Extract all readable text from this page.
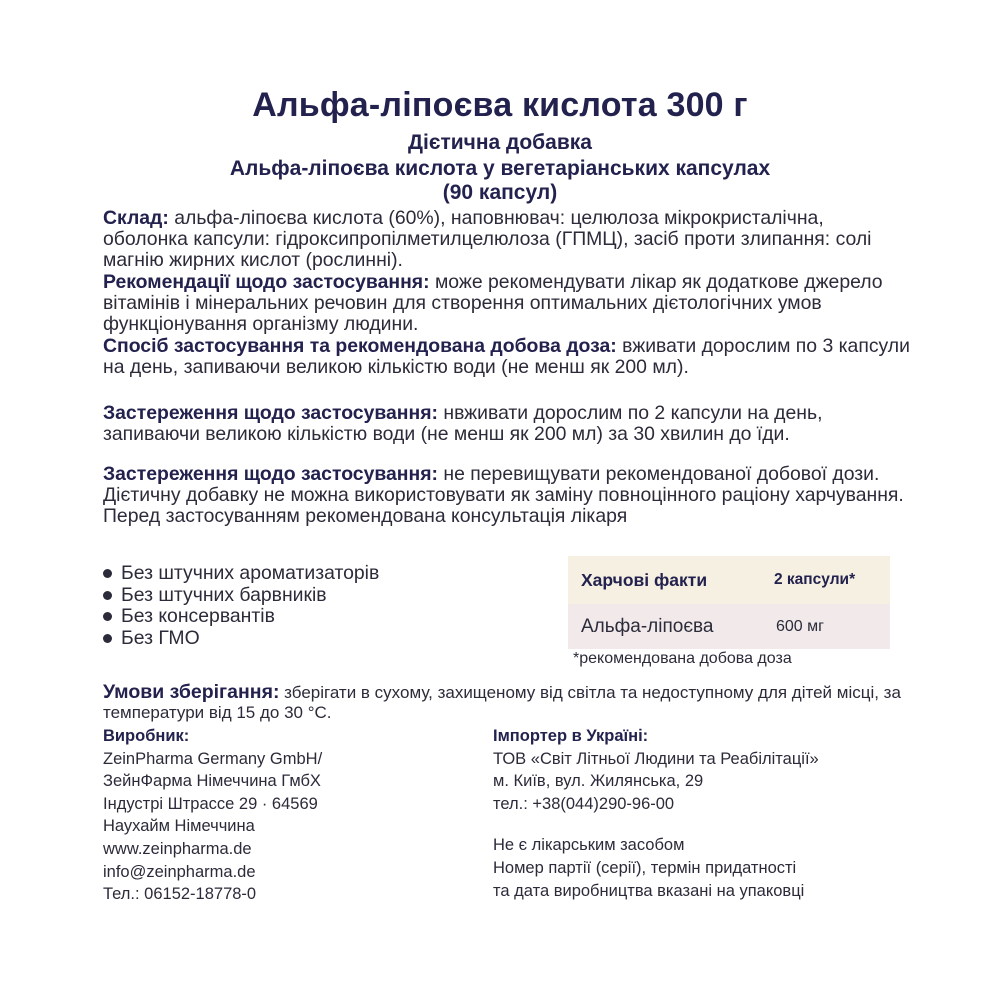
Альфа-ліпоєва кислота 300 г
Дієтична добавка
Альфа-ліпоєва кислота у вегетаріанських капсулах
(90 капсул)
Склад: альфа-ліпоєва кислота (60%), наповнювач: целюлоза мікрокристалічна, оболонка капсули: гідроксипропілметилцелюлоза (ГПМЦ), засіб проти злипання: солі магнію жирних кислот (рослинні).
Рекомендації щодо застосування: може рекомендувати лікар як додаткове джерело вітамінів і мінеральних речовин для створення оптимальних дієтологічних умов функціонування організму людини.
Спосіб застосування та рекомендована добова доза: вживати дорослим по 3 капсули на день, запиваючи великою кількістю води (не менш як 200 мл).
Застереження щодо застосування: нвживати дорослим по 2 капсули на день, запиваючи великою кількістю води (не менш як 200 мл) за 30 хвилин до їди.
Застереження щодо застосування: не перевищувати рекомендованої добової дози. Дієтичну добавку не можна використовувати як заміну повноцінного раціону харчування. Перед застосуванням рекомендована консультація лікаря
Без штучних ароматизаторів
Без штучних барвників
Без консервантів
Без ГМО
Харчові факти	2 капсули*
Альфа-ліпоєва	600 мг
*рекомендована добова доза
Умови зберігання: зберігати в сухому, захищеному від світла та недоступному для дітей місці, за температури від 15 до 30 °C.
Виробник:
ZeinPharma Germany GmbH/
ЗейнФарма Німеччина ГмбХ
Індустрі Штрассе 29 · 64569
Наухайм Німеччина
www.zeinpharma.de
info@zeinpharma.de
Тел.: 06152-18778-0
Імпортер в Україні:
ТОВ «Світ Літньої Людини та Реабілітації»
м. Київ, вул. Жилянська, 29
тел.: +38(044)290-96-00
Не є лікарським засобом
Номер партії (серії), термін придатності
та дата виробництва вказані на упаковці
